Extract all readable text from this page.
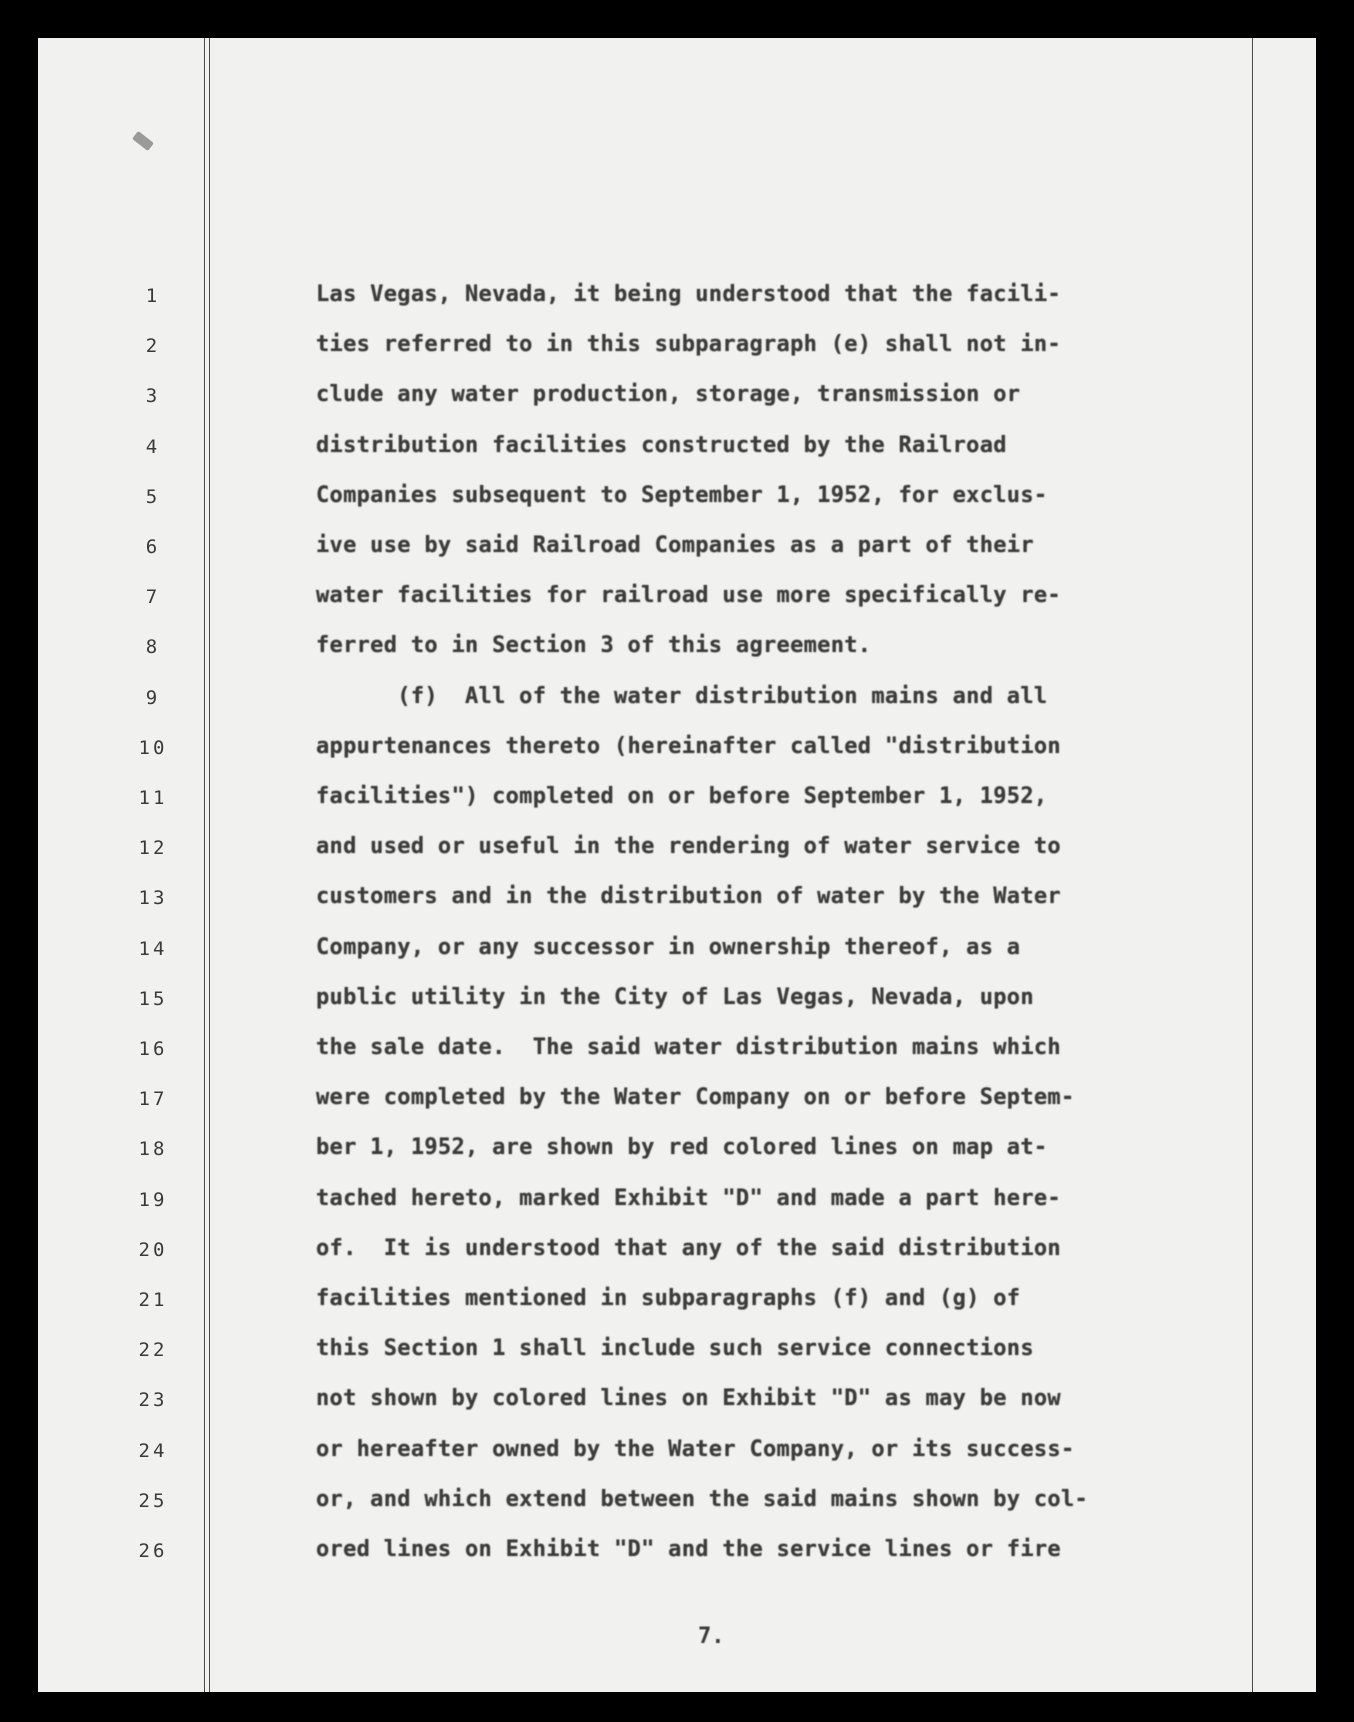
1
2
3
4
5
6
7
8
9
10
11
12
13
14
15
16
17
18
19
20
21
22
23
24
25
26
Las Vegas, Nevada, it being understood that the facili-
ties referred to in this subparagraph (e) shall not in-
clude any water production, storage, transmission or
distribution facilities constructed by the Railroad
Companies subsequent to September 1, 1952, for exclus-
ive use by said Railroad Companies as a part of their
water facilities for railroad use more specifically re-
ferred to in Section 3 of this agreement.
(f)  All of the water distribution mains and all
appurtenances thereto (hereinafter called "distribution
facilities") completed on or before September 1, 1952,
and used or useful in the rendering of water service to
customers and in the distribution of water by the Water
Company, or any successor in ownership thereof, as a
public utility in the City of Las Vegas, Nevada, upon
the sale date.  The said water distribution mains which
were completed by the Water Company on or before Septem-
ber 1, 1952, are shown by red colored lines on map at-
tached hereto, marked Exhibit "D" and made a part here-
of.  It is understood that any of the said distribution
facilities mentioned in subparagraphs (f) and (g) of
this Section 1 shall include such service connections
not shown by colored lines on Exhibit "D" as may be now
or hereafter owned by the Water Company, or its success-
or, and which extend between the said mains shown by col-
ored lines on Exhibit "D" and the service lines or fire
7.
